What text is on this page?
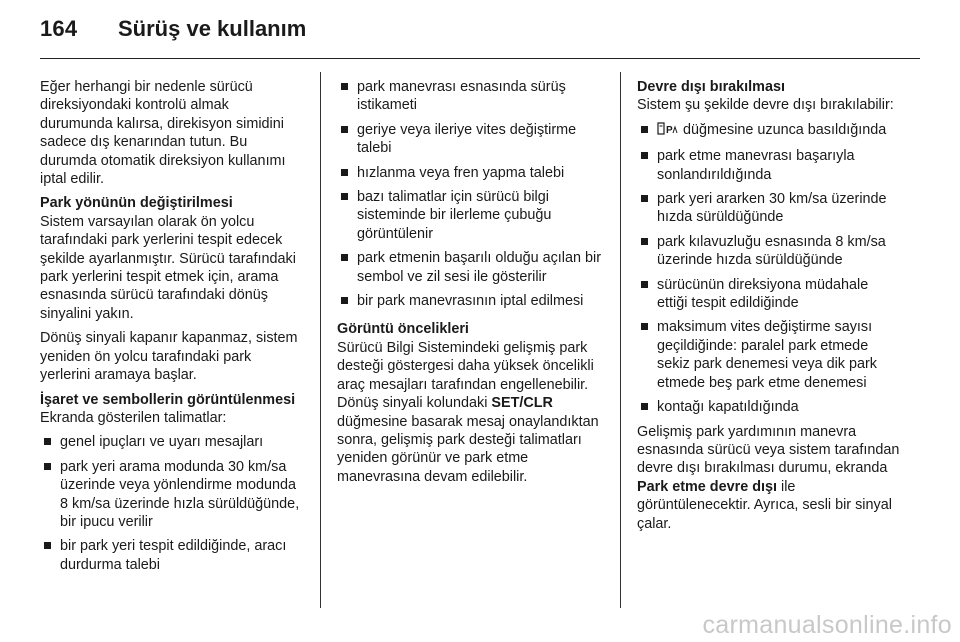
164 Sürüş ve kullanım

Eğer herhangi bir nedenle sürücü direksiyondaki kontrolü almak durumunda kalırsa, direkisyon simidini sadece dış kenarından tutun. Bu durumda otomatik direksiyon kullanımı iptal edilir.

Park yönünün değiştirilmesi

Sistem varsayılan olarak ön yolcu tarafındaki park yerlerini tespit edecek şekilde ayarlanmıştır. Sürücü tarafındaki park yerlerini tespit etmek için, arama esnasında sürücü tarafındaki dönüş sinyalini yakın.

Dönüş sinyali kapanır kapanmaz, sistem yeniden ön yolcu tarafındaki park yerlerini aramaya başlar.

İşaret ve sembollerin görüntülenmesi

Ekranda gösterilen talimatlar:

genel ipuçları ve uyarı mesajları
park yeri arama modunda 30 km/sa üzerinde veya yönlendirme modunda 8 km/sa üzerinde hızla sürüldüğünde, bir ipucu verilir
bir park yeri tespit edildiğinde, aracı durdurma talebi
park manevrası esnasında sürüş istikameti
geriye veya ileriye vites değiştirme talebi
hızlanma veya fren yapma talebi
bazı talimatlar için sürücü bilgi sisteminde bir ilerleme çubuğu görüntülenir
park etmenin başarılı olduğu açılan bir sembol ve zil sesi ile gösterilir
bir park manevrasının iptal edilmesi
Görüntü öncelikleri

Sürücü Bilgi Sistemindeki gelişmiş park desteği göstergesi daha yüksek öncelikli araç mesajları tarafından engellenebilir. Dönüş sinyali kolundaki SET/CLR düğmesine basarak mesaj onaylandıktan sonra, gelişmiş park desteği talimatları yeniden görünür ve park etme manevrasına devam edilebilir.

Devre dışı bırakılması

Sistem şu şekilde devre dışı bırakılabilir:

P düğmesine uzunca basıldığında
park etme manevrası başarıyla sonlandırıldığında
park yeri ararken 30 km/sa üzerinde hızda sürüldüğünde
park kılavuzluğu esnasında 8 km/sa üzerinde hızda sürüldüğünde
sürücünün direksiyona müdahale ettiği tespit edildiğinde
maksimum vites değiştirme sayısı geçildiğinde: paralel park etmede sekiz park denemesi veya dik park etmede beş park etme denemesi
kontağı kapatıldığında

Gelişmiş park yardımının manevra esnasında sürücü veya sistem tarafından devre dışı bırakılması durumu, ekranda Park etme devre dışı ile görüntülenecektir. Ayrıca, sesli bir sinyal çalar.

carmanualsonline.info
